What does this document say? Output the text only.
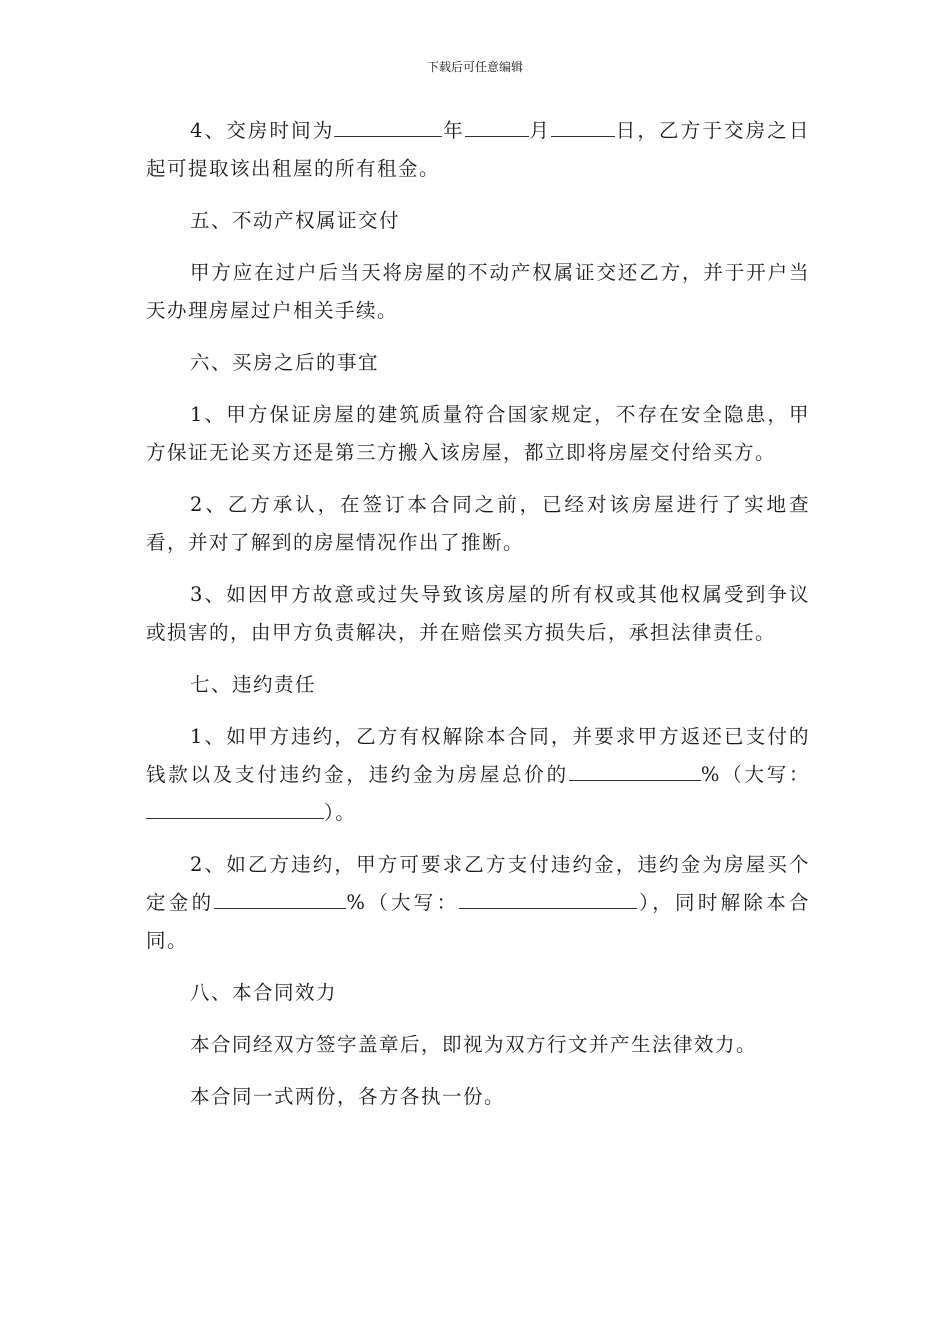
下载后可任意编辑

4、交房时间为	年	月	日，乙方于交房之日起可提取该出租屋的所有租金。

五、不动产权属证交付

甲方应在过户后当天将房屋的不动产权属证交还乙方，并于开户当天办理房屋过户相关手续。

六、买房之后的事宜

1、甲方保证房屋的建筑质量符合国家规定，不存在安全隐患，甲方保证无论买方还是第三方搬入该房屋，都立即将房屋交付给买方。

2、乙方承认，在签订本合同之前，已经对该房屋进行了实地查看，并对了解到的房屋情况作出了推断。

3、如因甲方故意或过失导致该房屋的所有权或其他权属受到争议或损害的，由甲方负责解决，并在赔偿买方损失后，承担法律责任。

七、违约责任

1、如甲方违约，乙方有权解除本合同，并要求甲方返还已支付的钱款以及支付违约金，违约金为房屋总价的	%（大写：）。

2、如乙方违约，甲方可要求乙方支付违约金，违约金为房屋买个定金的	%（大写：	），同时解除本合同。

八、本合同效力

本合同经双方签字盖章后，即视为双方行文并产生法律效力。

本合同一式两份，各方各执一份。
